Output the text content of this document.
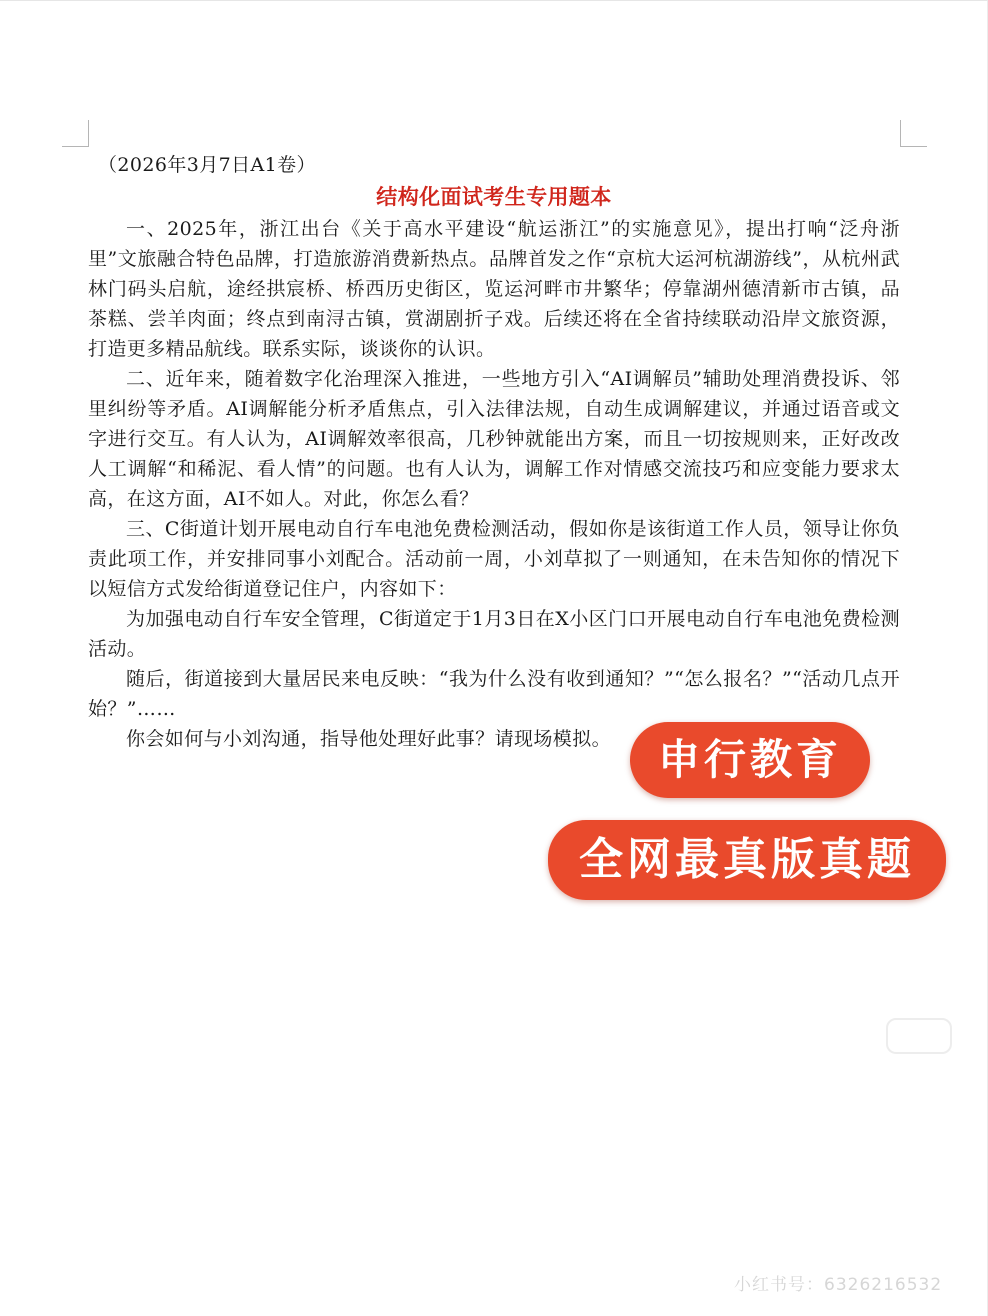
（2026年3月7日A1卷）

结构化面试考生专用题本

一、2025年，浙江出台《关于高水平建设“航运浙江”的实施意见》，提出打响“泛舟浙里”文旅融合特色品牌，打造旅游消费新热点。品牌首发之作“京杭大运河杭湖游线”，从杭州武林门码头启航，途经拱宸桥、桥西历史街区，览运河畔市井繁华；停靠湖州德清新市古镇，品茶糕、尝羊肉面；终点到南浔古镇，赏湖剧折子戏。后续还将在全省持续联动沿岸文旅资源，打造更多精品航线。联系实际，谈谈你的认识。

二、近年来，随着数字化治理深入推进，一些地方引入“AI调解员”辅助处理消费投诉、邻里纠纷等矛盾。AI调解能分析矛盾焦点，引入法律法规，自动生成调解建议，并通过语音或文字进行交互。有人认为，AI调解效率很高，几秒钟就能出方案，而且一切按规则来，正好改改人工调解“和稀泥、看人情”的问题。也有人认为，调解工作对情感交流技巧和应变能力要求太高，在这方面，AI不如人。对此，你怎么看？

三、C街道计划开展电动自行车电池免费检测活动，假如你是该街道工作人员，领导让你负责此项工作，并安排同事小刘配合。活动前一周，小刘草拟了一则通知，在未告知你的情况下以短信方式发给街道登记住户，内容如下：

为加强电动自行车安全管理，C街道定于1月3日在X小区门口开展电动自行车电池免费检测活动。

随后，街道接到大量居民来电反映：“我为什么没有收到通知？”“怎么报名？”“活动几点开始？”……

你会如何与小刘沟通，指导他处理好此事？请现场模拟。	申行教育
全网最真版真题
小红书号：6326216532
